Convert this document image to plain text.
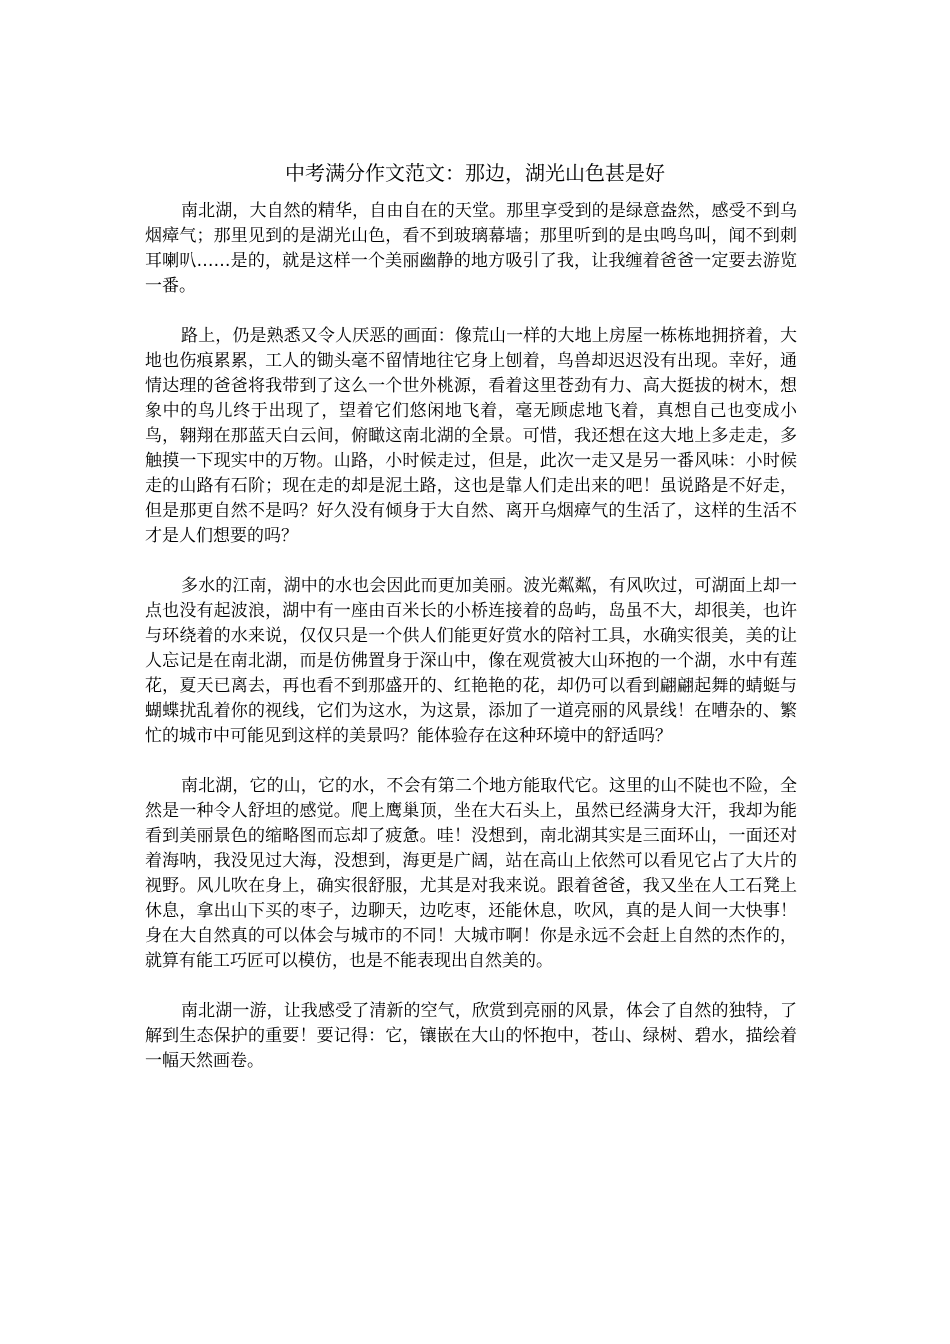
中考满分作文范文：那边，湖光山色甚是好

南北湖，大自然的精华，自由自在的天堂。那里享受到的是绿意盎然，感受不到乌烟瘴气；那里见到的是湖光山色，看不到玻璃幕墙；那里听到的是虫鸣鸟叫，闻不到刺耳喇叭……是的，就是这样一个美丽幽静的地方吸引了我，让我缠着爸爸一定要去游览一番。

路上，仍是熟悉又令人厌恶的画面：像荒山一样的大地上房屋一栋栋地拥挤着，大地也伤痕累累，工人的锄头毫不留情地往它身上刨着，鸟兽却迟迟没有出现。幸好，通情达理的爸爸将我带到了这么一个世外桃源，看着这里苍劲有力、高大挺拔的树木，想象中的鸟儿终于出现了，望着它们悠闲地飞着，毫无顾虑地飞着，真想自己也变成小鸟，翱翔在那蓝天白云间，俯瞰这南北湖的全景。可惜，我还想在这大地上多走走，多触摸一下现实中的万物。山路，小时候走过，但是，此次一走又是另一番风味：小时候走的山路有石阶；现在走的却是泥土路，这也是靠人们走出来的吧！虽说路是不好走，但是那更自然不是吗？好久没有倾身于大自然、离开乌烟瘴气的生活了，这样的生活不才是人们想要的吗？

多水的江南，湖中的水也会因此而更加美丽。波光粼粼，有风吹过，可湖面上却一点也没有起波浪，湖中有一座由百米长的小桥连接着的岛屿，岛虽不大，却很美，也许与环绕着的水来说，仅仅只是一个供人们能更好赏水的陪衬工具，水确实很美，美的让人忘记是在南北湖，而是仿佛置身于深山中，像在观赏被大山环抱的一个湖，水中有莲花，夏天已离去，再也看不到那盛开的、红艳艳的花，却仍可以看到翩翩起舞的蜻蜓与蝴蝶扰乱着你的视线，它们为这水，为这景，添加了一道亮丽的风景线！在嘈杂的、繁忙的城市中可能见到这样的美景吗？能体验存在这种环境中的舒适吗？

南北湖，它的山，它的水，不会有第二个地方能取代它。这里的山不陡也不险，全然是一种令人舒坦的感觉。爬上鹰巢顶，坐在大石头上，虽然已经满身大汗，我却为能看到美丽景色的缩略图而忘却了疲惫。哇！没想到，南北湖其实是三面环山，一面还对着海呐，我没见过大海，没想到，海更是广阔，站在高山上依然可以看见它占了大片的视野。风儿吹在身上，确实很舒服，尤其是对我来说。跟着爸爸，我又坐在人工石凳上休息，拿出山下买的枣子，边聊天，边吃枣，还能休息，吹风，真的是人间一大快事！身在大自然真的可以体会与城市的不同！大城市啊！你是永远不会赶上自然的杰作的，就算有能工巧匠可以模仿，也是不能表现出自然美的。

南北湖一游，让我感受了清新的空气，欣赏到亮丽的风景，体会了自然的独特，了解到生态保护的重要！要记得：它，镶嵌在大山的怀抱中，苍山、绿树、碧水，描绘着一幅天然画卷。
